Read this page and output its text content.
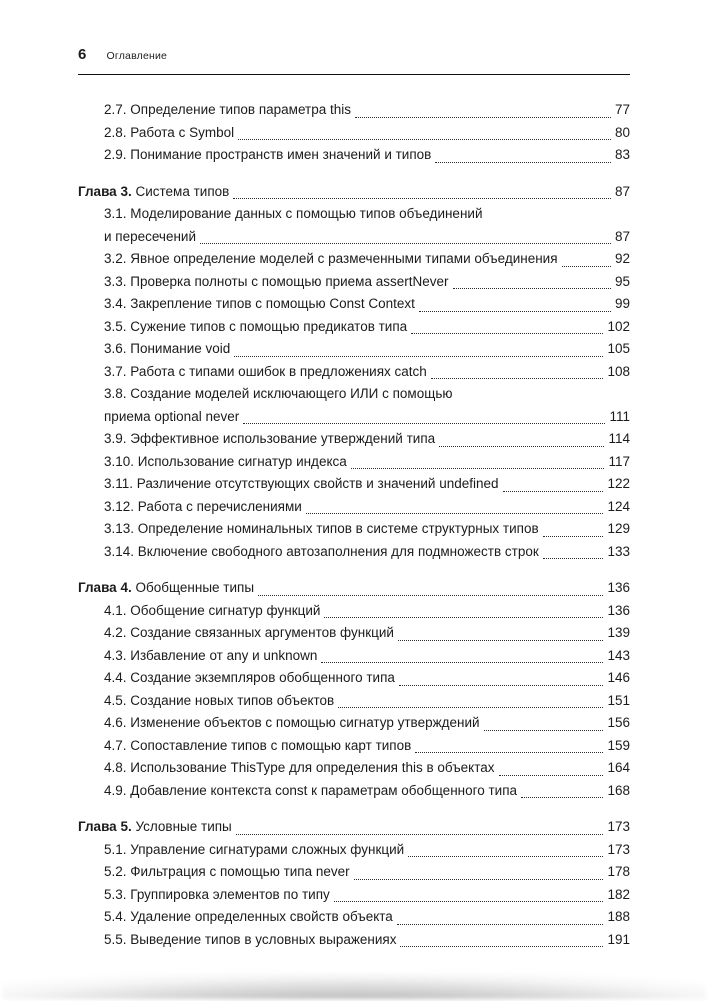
6 Оглавление
2.7. Определение типов параметра this	77
2.8. Работа с Symbol	80
2.9. Понимание пространств имен значений и типов	83
Глава 3. Система типов	87
3.1. Моделирование данных с помощью типов объединений
и пересечений	87
3.2. Явное определение моделей с размеченными типами объединения	92
3.3. Проверка полноты с помощью приема assertNever	95
3.4. Закрепление типов с помощью Const Context	99
3.5. Сужение типов с помощью предикатов типа	102
3.6. Понимание void	105
3.7. Работа с типами ошибок в предложениях catch	108
3.8. Создание моделей исключающего ИЛИ с помощью
приема optional never	111
3.9. Эффективное использование утверждений типа	114
3.10. Использование сигнатур индекса	117
3.11. Различение отсутствующих свойств и значений undefined	122
3.12. Работа с перечислениями	124
3.13. Определение номинальных типов в системе структурных типов	129
3.14. Включение свободного автозаполнения для подмножеств строк	133
Глава 4. Обобщенные типы	136
4.1. Обобщение сигнатур функций	136
4.2. Создание связанных аргументов функций	139
4.3. Избавление от any и unknown	143
4.4. Создание экземпляров обобщенного типа	146
4.5. Создание новых типов объектов	151
4.6. Изменение объектов с помощью сигнатур утверждений	156
4.7. Сопоставление типов с помощью карт типов	159
4.8. Использование ThisType для определения this в объектах	164
4.9. Добавление контекста const к параметрам обобщенного типа	168
Глава 5. Условные типы	173
5.1. Управление сигнатурами сложных функций	173
5.2. Фильтрация с помощью типа never	178
5.3. Группировка элементов по типу	182
5.4. Удаление определенных свойств объекта	188
5.5. Выведение типов в условных выражениях	191
